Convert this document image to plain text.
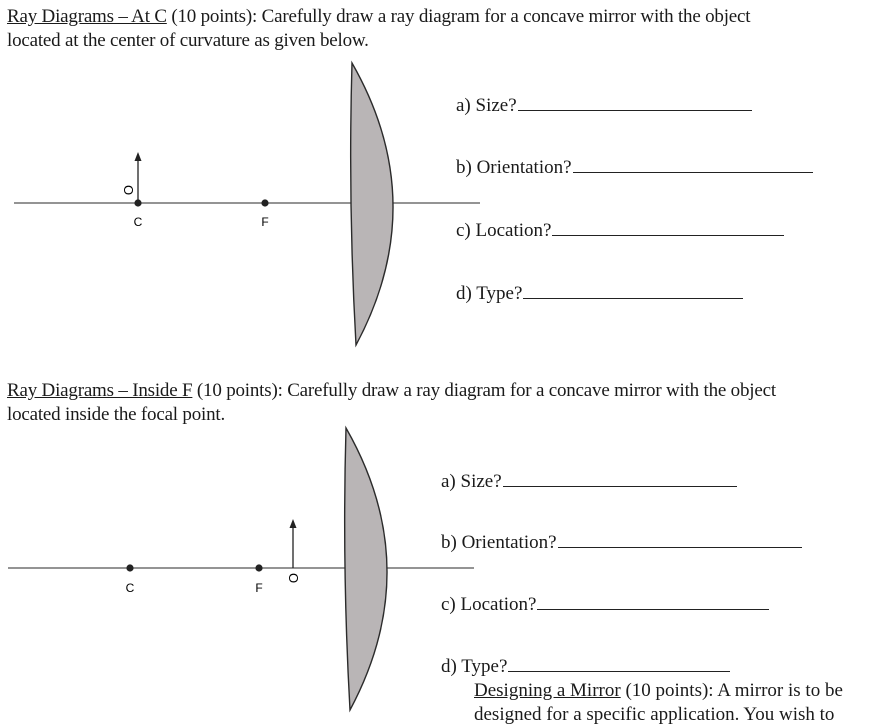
Ray Diagrams – At C (10 points): Carefully draw a ray diagram for a concave mirror with the object
located at the center of curvature as given below.
O
C	F
a) Size?
b) Orientation?
c) Location?
d) Type?
Ray Diagrams – Inside F (10 points): Carefully draw a ray diagram for a concave mirror with the object
located inside the focal point.
O
C	F
a) Size?
b) Orientation?
c) Location?
d) Type?
Designing a Mirror (10 points): A mirror is to be
designed for a specific application. You wish to
